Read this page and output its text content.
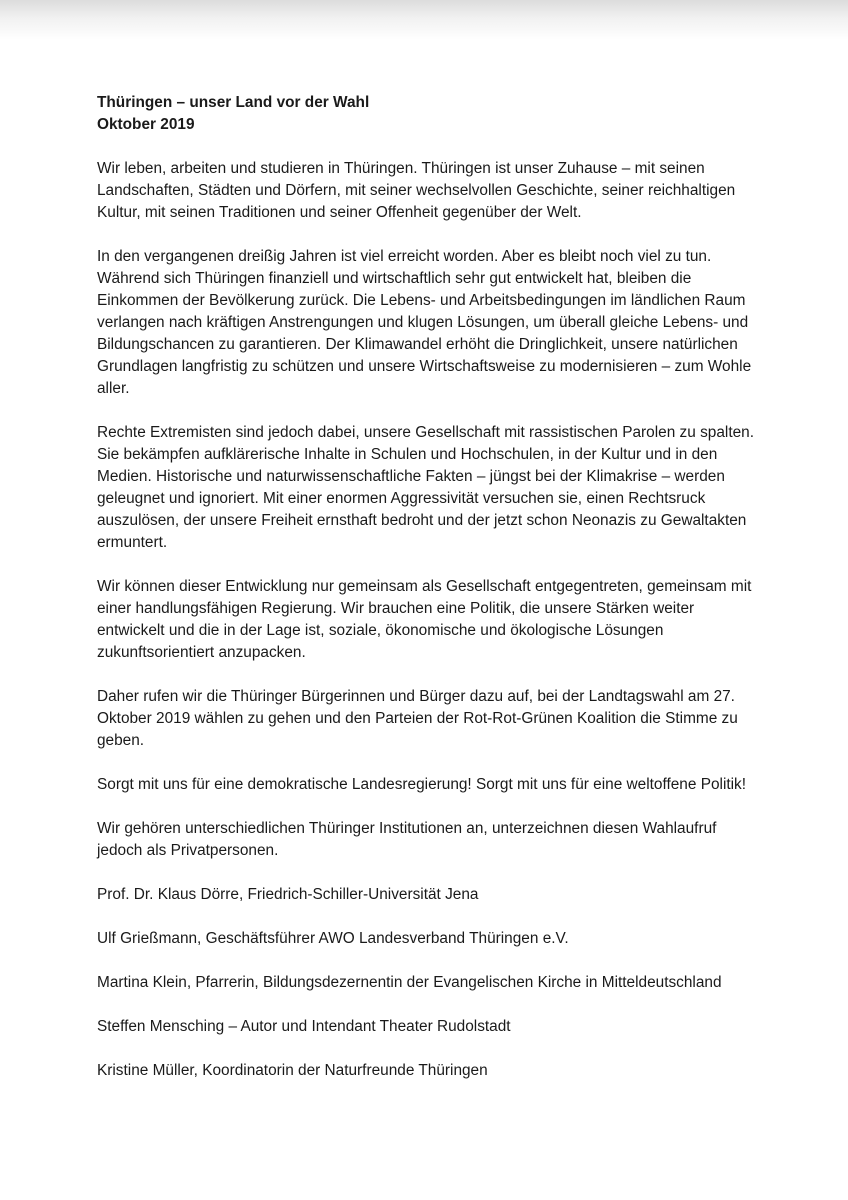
Thüringen – unser Land vor der Wahl
Oktober 2019

Wir leben, arbeiten und studieren in Thüringen. Thüringen ist unser Zuhause – mit seinen Landschaften, Städten und Dörfern, mit seiner wechselvollen Geschichte, seiner reichhaltigen Kultur, mit seinen Traditionen und seiner Offenheit gegenüber der Welt.

In den vergangenen dreißig Jahren ist viel erreicht worden. Aber es bleibt noch viel zu tun. Während sich Thüringen finanziell und wirtschaftlich sehr gut entwickelt hat, bleiben die Einkommen der Bevölkerung zurück. Die Lebens- und Arbeitsbedingungen im ländlichen Raum verlangen nach kräftigen Anstrengungen und klugen Lösungen, um überall gleiche Lebens- und Bildungschancen zu garantieren. Der Klimawandel erhöht die Dringlichkeit, unsere natürlichen Grundlagen langfristig zu schützen und unsere Wirtschaftsweise zu modernisieren – zum Wohle aller.

Rechte Extremisten sind jedoch dabei, unsere Gesellschaft mit rassistischen Parolen zu spalten. Sie bekämpfen aufklärerische Inhalte in Schulen und Hochschulen, in der Kultur und in den Medien. Historische und naturwissenschaftliche Fakten – jüngst bei der Klimakrise – werden geleugnet und ignoriert. Mit einer enormen Aggressivität versuchen sie, einen Rechtsruck auszulösen, der unsere Freiheit ernsthaft bedroht und der jetzt schon Neonazis zu Gewaltakten ermuntert.

Wir können dieser Entwicklung nur gemeinsam als Gesellschaft entgegentreten, gemeinsam mit einer handlungsfähigen Regierung. Wir brauchen eine Politik, die unsere Stärken weiter entwickelt und die in der Lage ist, soziale, ökonomische und ökologische Lösungen zukunftsorientiert anzupacken.

Daher rufen wir die Thüringer Bürgerinnen und Bürger dazu auf, bei der Landtagswahl am 27. Oktober 2019 wählen zu gehen und den Parteien der Rot-Rot-Grünen Koalition die Stimme zu geben.

Sorgt mit uns für eine demokratische Landesregierung! Sorgt mit uns für eine weltoffene Politik!

Wir gehören unterschiedlichen Thüringer Institutionen an, unterzeichnen diesen Wahlaufruf jedoch als Privatpersonen.

Prof. Dr. Klaus Dörre, Friedrich-Schiller-Universität Jena

Ulf Grießmann, Geschäftsführer AWO Landesverband Thüringen e.V.

Martina Klein, Pfarrerin, Bildungsdezernentin der Evangelischen Kirche in Mitteldeutschland

Steffen Mensching – Autor und Intendant Theater Rudolstadt

Kristine Müller, Koordinatorin der Naturfreunde Thüringen
